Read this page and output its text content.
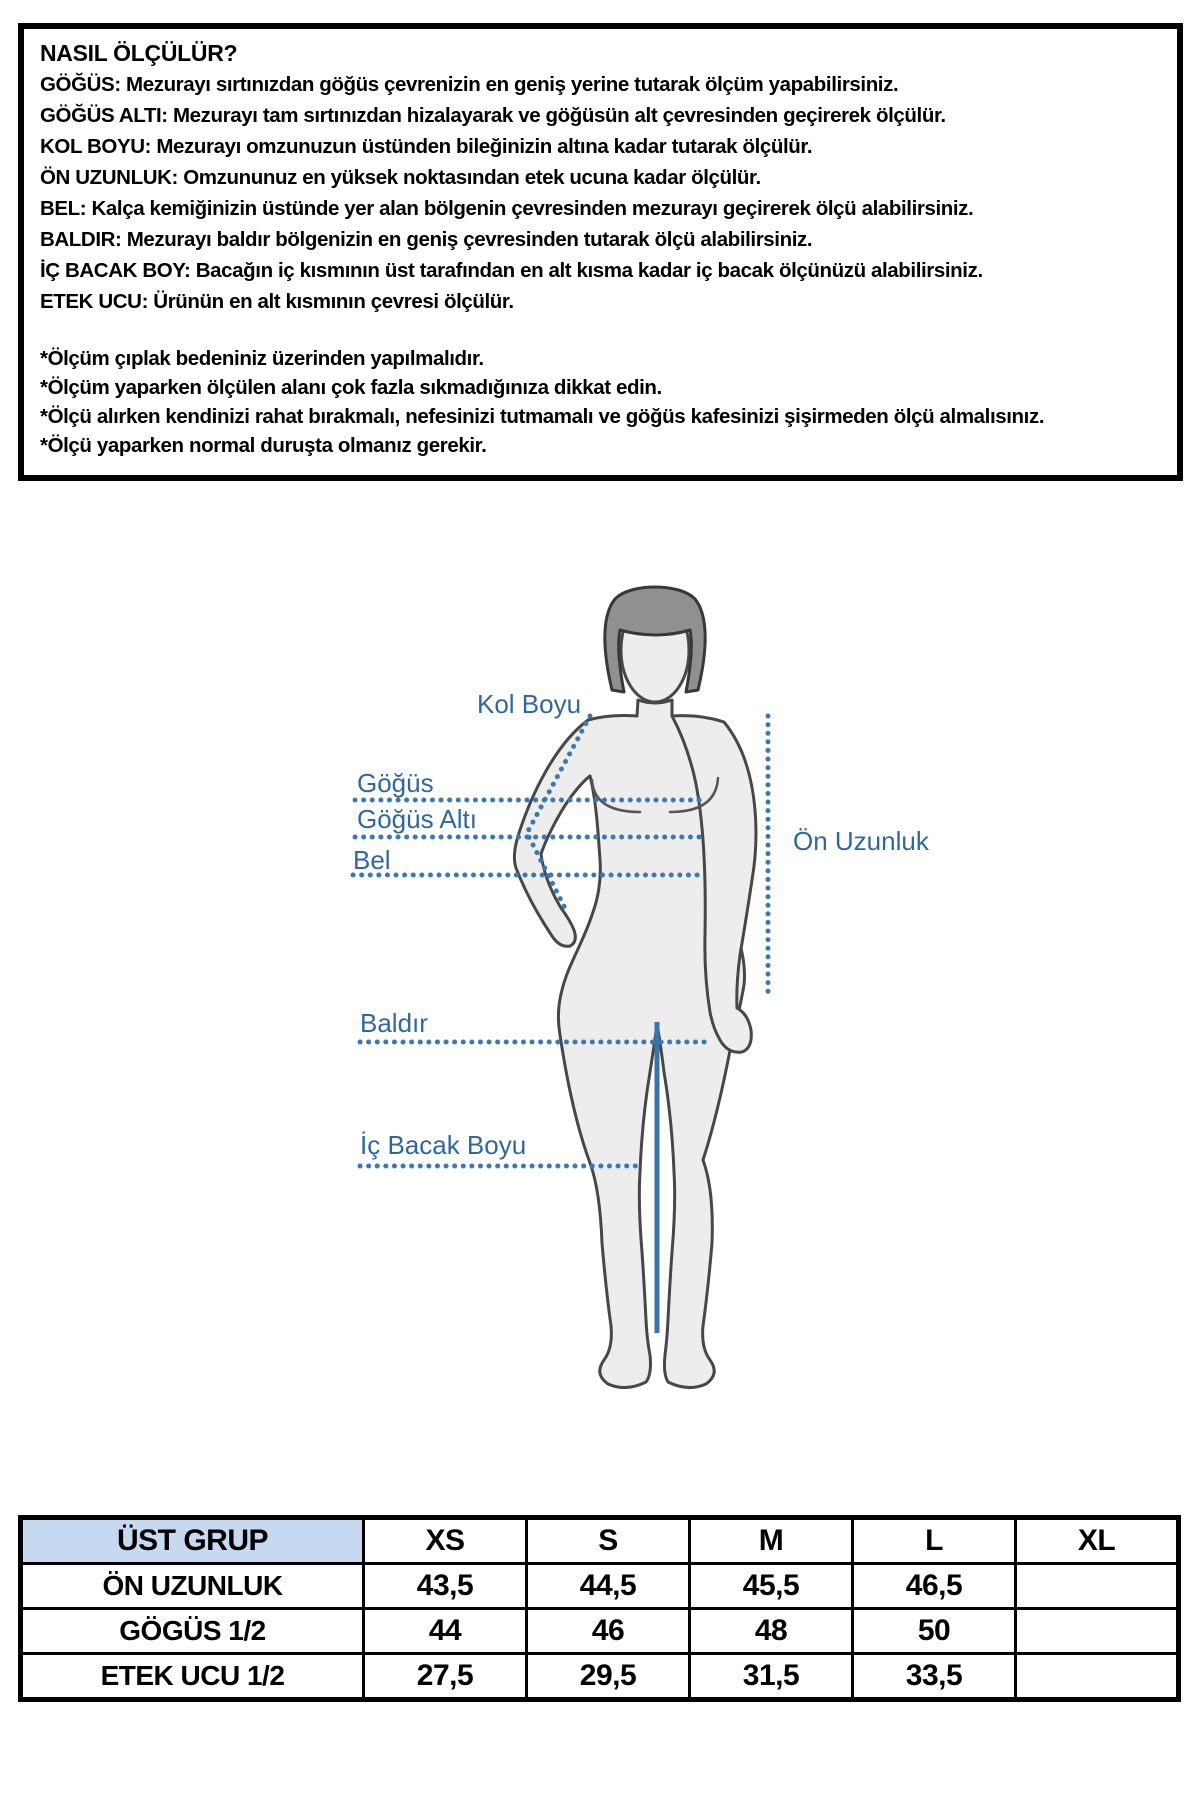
NASIL ÖLÇÜLÜR?

GÖĞÜS: Mezurayı sırtınızdan göğüs çevrenizin en geniş yerine tutarak ölçüm yapabilirsiniz.

GÖĞÜS ALTI: Mezurayı tam sırtınızdan hizalayarak ve göğüsün alt çevresinden geçirerek ölçülür.

KOL BOYU: Mezurayı omzunuzun üstünden bileğinizin altına kadar tutarak ölçülür.

ÖN UZUNLUK: Omzununuz en yüksek noktasından etek ucuna kadar ölçülür.

BEL: Kalça kemiğinizin üstünde yer alan bölgenin çevresinden mezurayı geçirerek ölçü alabilirsiniz.

BALDIR: Mezurayı baldır bölgenizin en geniş çevresinden tutarak ölçü alabilirsiniz.

İÇ BACAK BOY: Bacağın iç kısmının üst tarafından en alt kısma kadar iç bacak ölçünüzü alabilirsiniz.

ETEK UCU: Ürünün en alt kısmının çevresi ölçülür.

*Ölçüm çıplak bedeniniz üzerinden yapılmalıdır.

*Ölçüm yaparken ölçülen alanı çok fazla sıkmadığınıza dikkat edin.

*Ölçü alırken kendinizi rahat bırakmalı, nefesinizi tutmamalı ve göğüs kafesinizi şişirmeden ölçü almalısınız.

*Ölçü yaparken normal duruşta olmanız gerekir.

Kol Boyu
Göğüs
Göğüs Altı
Bel
Ön Uzunluk
Baldır
İç Bacak Boyu
ÜST GRUP	XS	S	M	L	XL
ÖN UZUNLUK	43,5	44,5	45,5	46,5	
GÖGÜS 1/2	44	46	48	50	
ETEK UCU 1/2	27,5	29,5	31,5	33,5	
